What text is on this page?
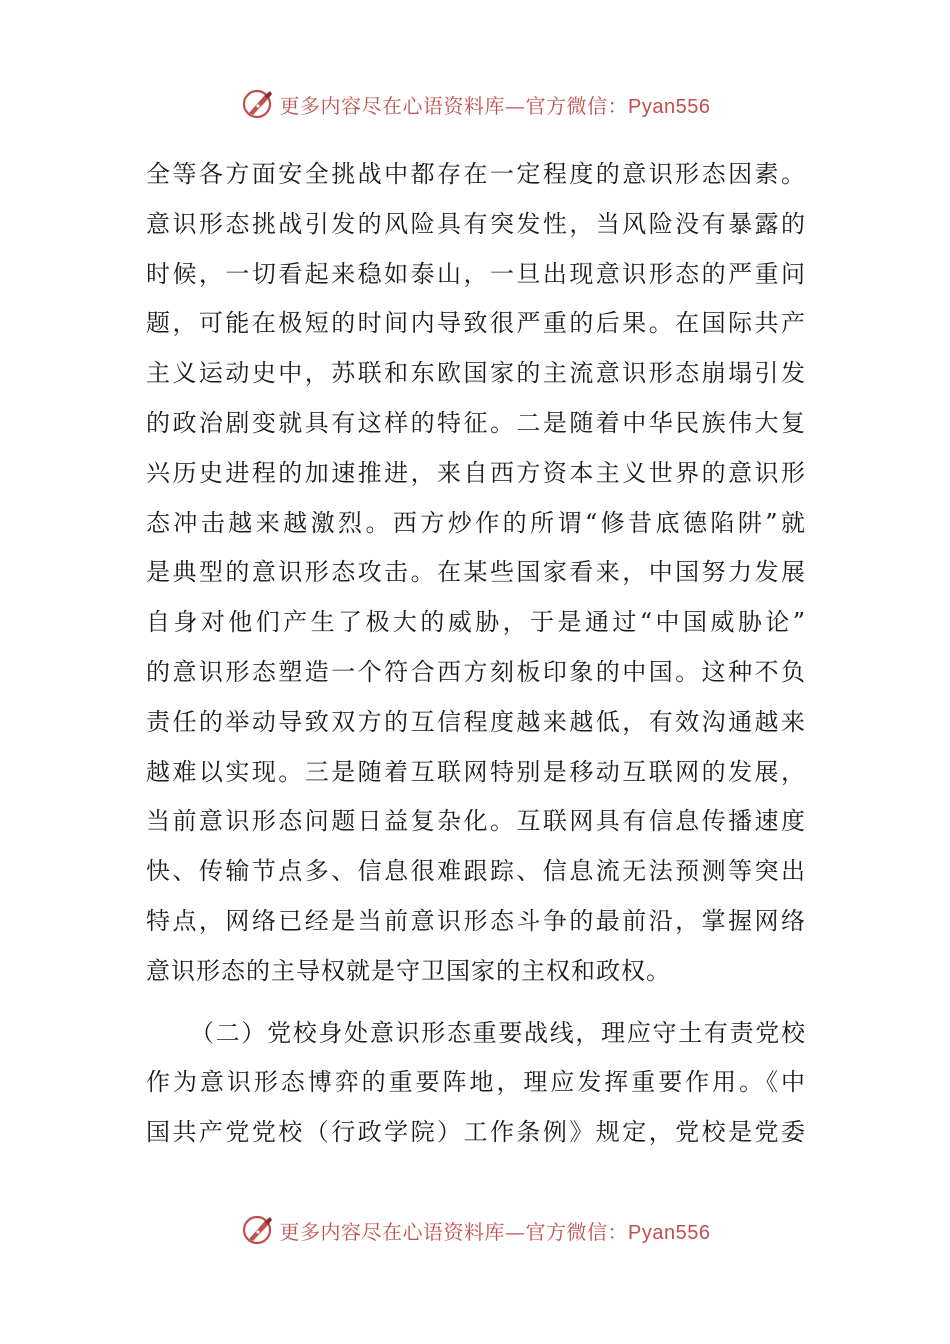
更多内容尽在心语资料库—官方微信：Pyan556
全等各方面安全挑战中都存在一定程度的意识形态因素。
意识形态挑战引发的风险具有突发性，当风险没有暴露的
时候，一切看起来稳如泰山，一旦出现意识形态的严重问
题，可能在极短的时间内导致很严重的后果。在国际共产
主义运动史中，苏联和东欧国家的主流意识形态崩塌引发
的政治剧变就具有这样的特征。二是随着中华民族伟大复
兴历史进程的加速推进，来自西方资本主义世界的意识形
态冲击越来越激烈。西方炒作的所谓“修昔底德陷阱”就
是典型的意识形态攻击。在某些国家看来，中国努力发展
自身对他们产生了极大的威胁，于是通过“中国威胁论”
的意识形态塑造一个符合西方刻板印象的中国。这种不负
责任的举动导致双方的互信程度越来越低，有效沟通越来
越难以实现。三是随着互联网特别是移动互联网的发展，
当前意识形态问题日益复杂化。互联网具有信息传播速度
快、传输节点多、信息很难跟踪、信息流无法预测等突出
特点，网络已经是当前意识形态斗争的最前沿，掌握网络
意识形态的主导权就是守卫国家的主权和政权。
（二）党校身处意识形态重要战线，理应守土有责党校
作为意识形态博弈的重要阵地，理应发挥重要作用。《中
国共产党党校（行政学院）工作条例》规定，党校是党委
更多内容尽在心语资料库—官方微信：Pyan556
